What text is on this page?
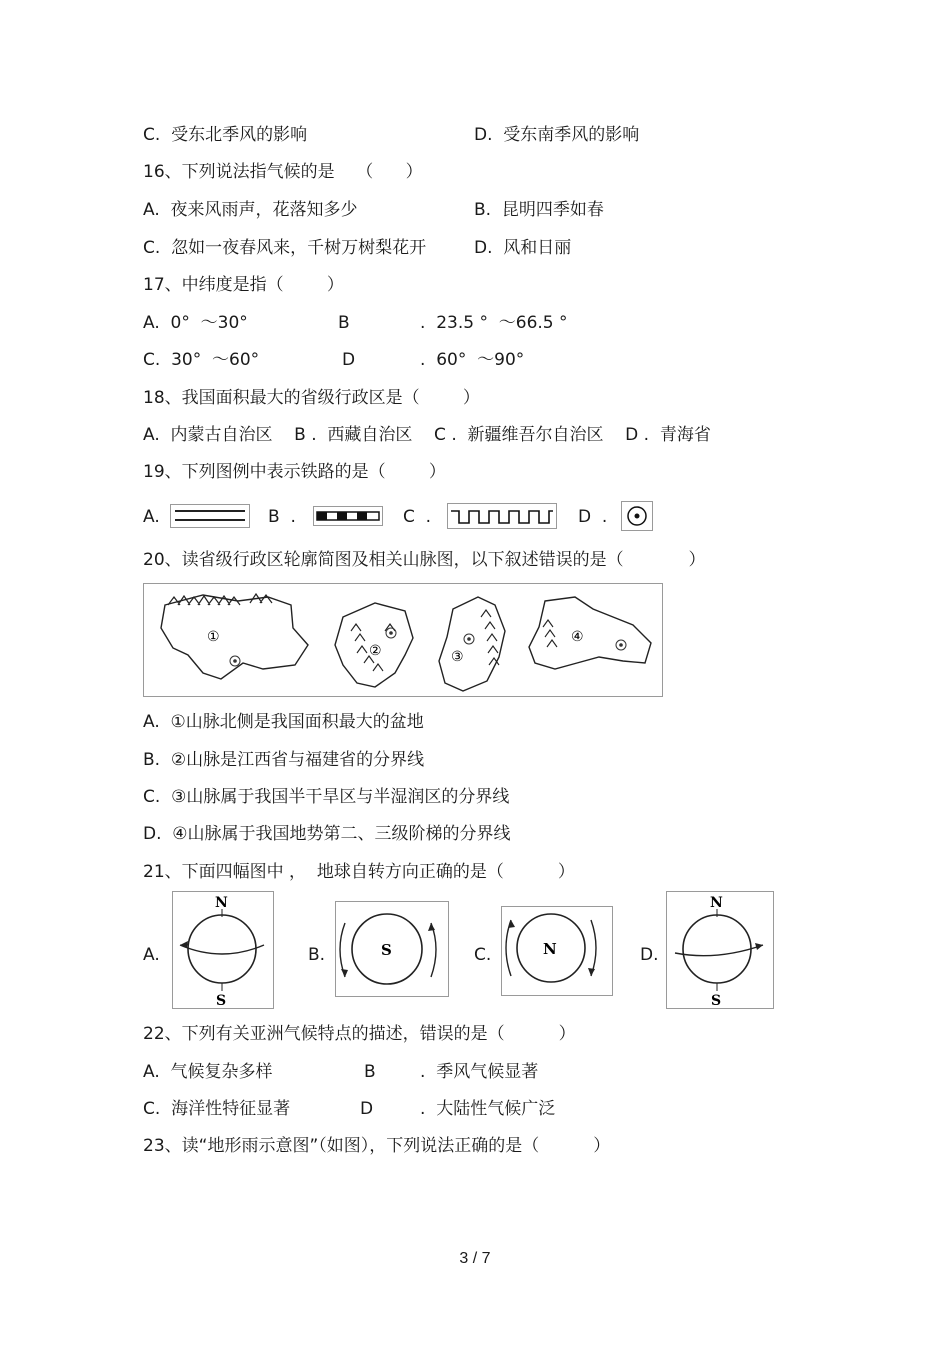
C.  受东北季风的影响	D.  受东南季风的影响
16、下列说法指气候的是    （      ）
A.  夜来风雨声，花落知多少	B.  昆明四季如春
C.  忽如一夜春风来，千树万树梨花开	D.  风和日丽
17、中纬度是指（        ）
A.  0°  ～30°	B	.  23.5 °  ～66.5 °
C.  30°  ～60°	D	.  60°  ～90°
18、我国面积最大的省级行政区是（        ）
A.  内蒙古自治区    B .  西藏自治区    C .  新疆维吾尔自治区    D .  青海省
19、下列图例中表示铁路的是（        ）
A.	B  .	C  .	D  .
20、读省级行政区轮廓简图及相关山脉图，以下叙述错误的是（            ）
①
②	③
④
A.  ①山脉北侧是我国面积最大的盆地
B.  ②山脉是江西省与福建省的分界线
C.  ③山脉属于我国半干旱区与半湿润区的分界线
D.  ④山脉属于我国地势第二、三级阶梯的分界线
21、下面四幅图中 ，  地球自转方向正确的是（          ）
A.
N
S
B.	S	C.	N	D.
N
S
22、下列有关亚洲气候特点的描述，错误的是（          ）
A.  气候复杂多样	B	.  季风气候显著
C.  海洋性特征显著	D	.  大陆性气候广泛
23、读“地形雨示意图”（如图），下列说法正确的是（          ）
3 / 7
